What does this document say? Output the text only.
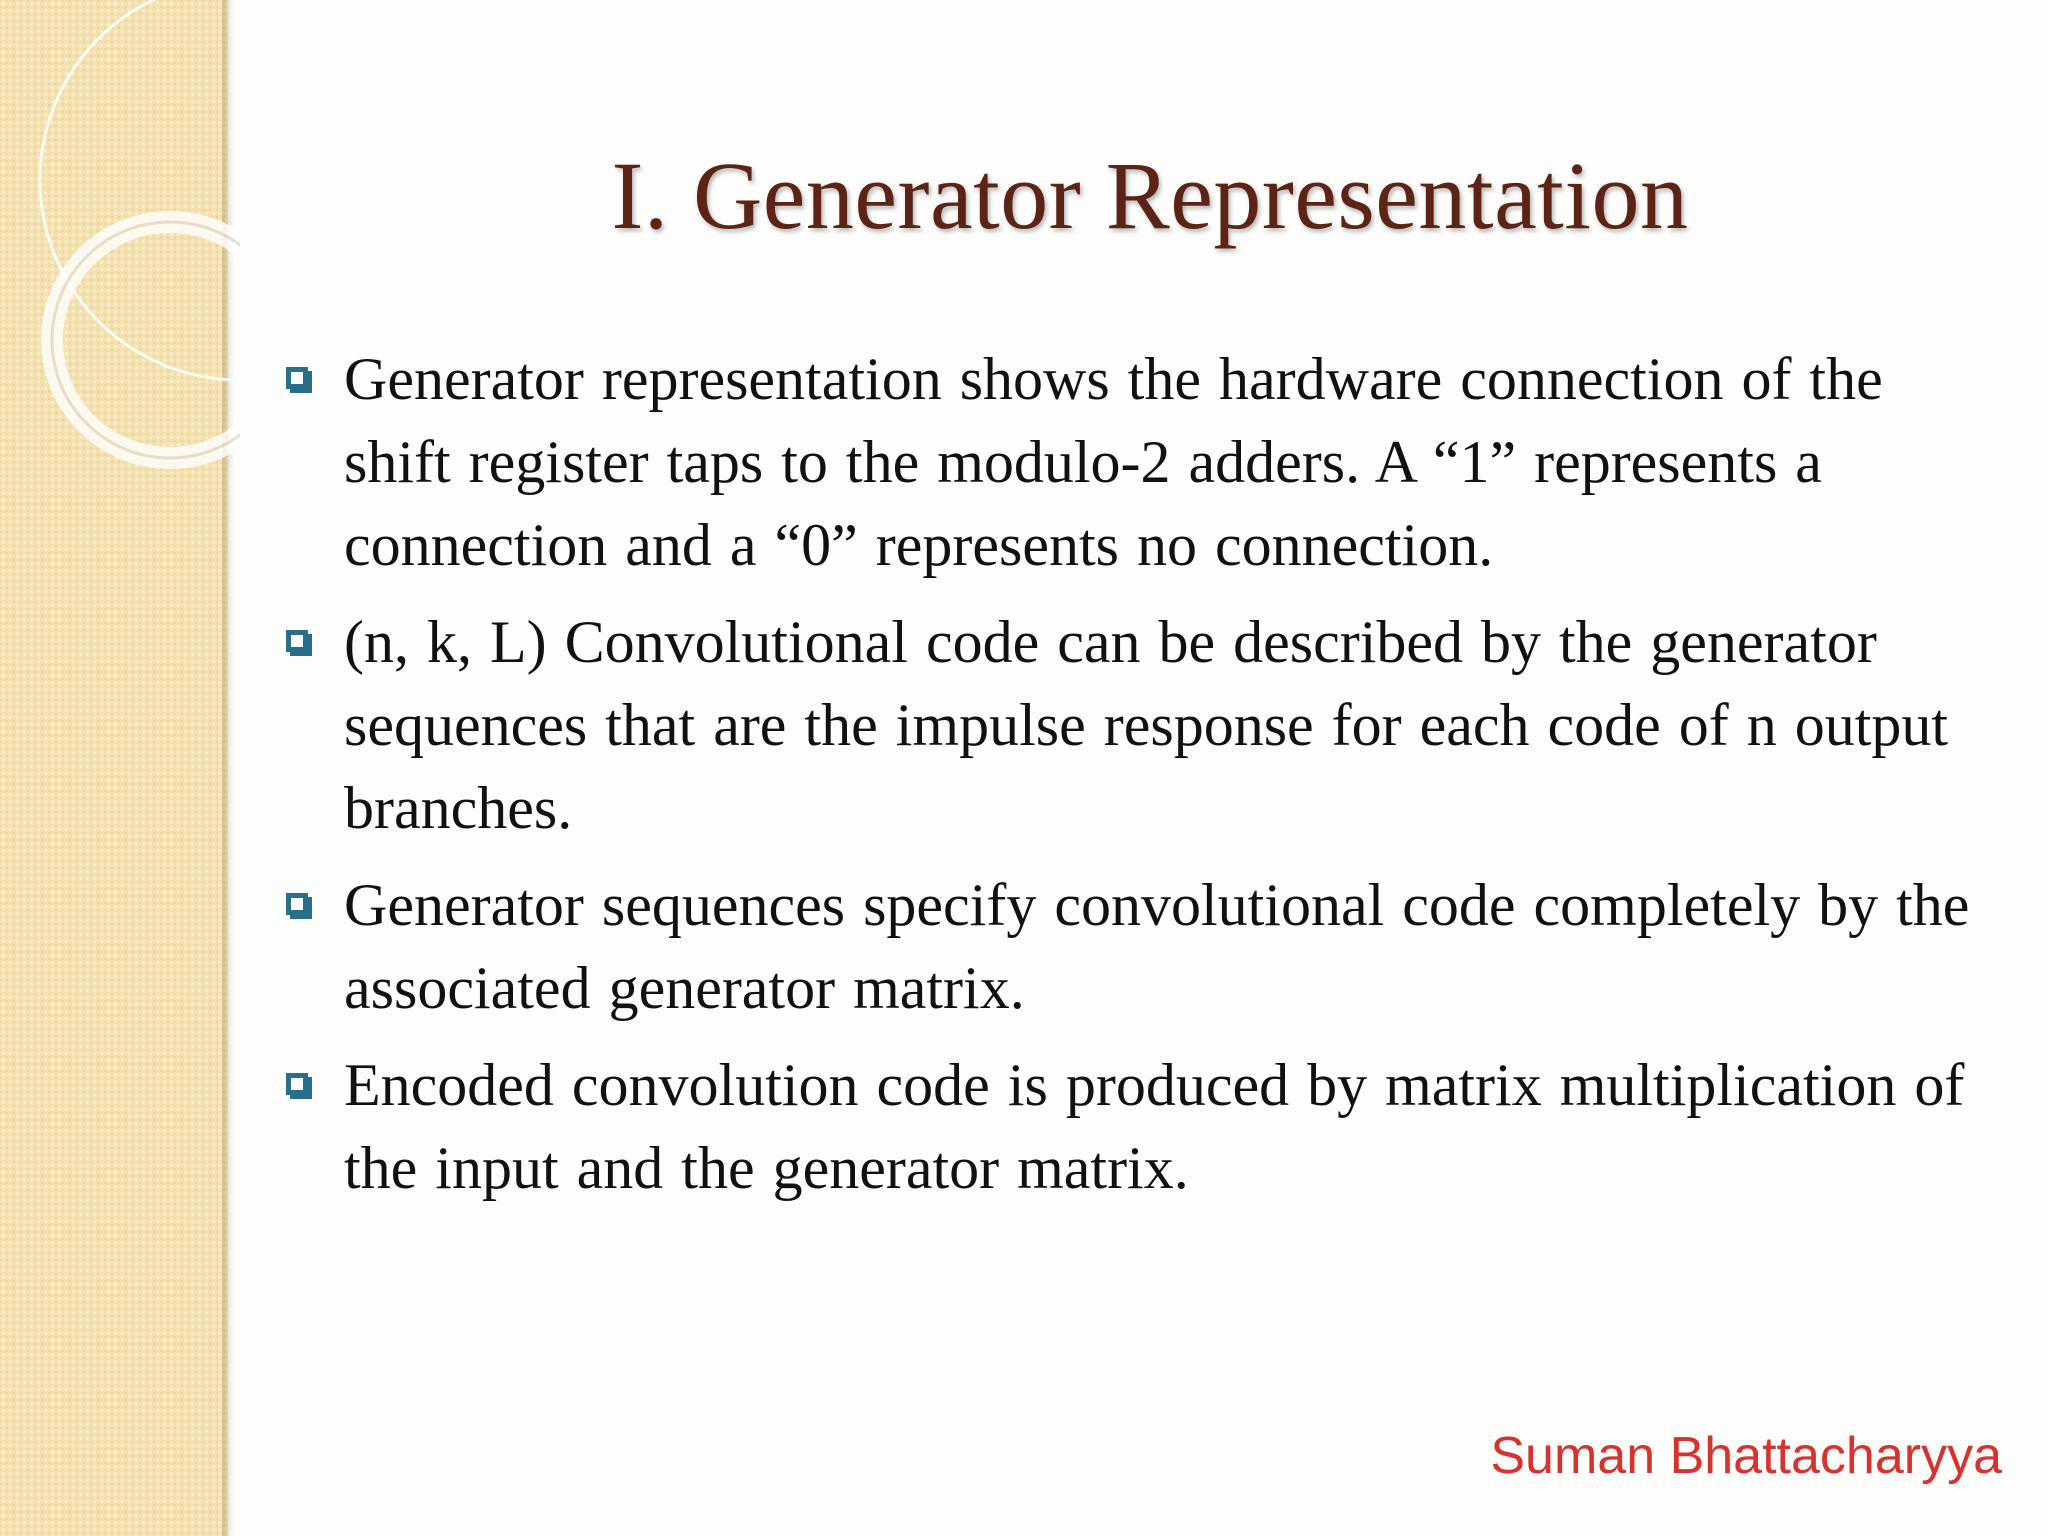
I. Generator Representation
Generator representation shows the hardware connection of the shift register taps to the modulo-2 adders. A “1” represents a connection and a “0” represents no connection.
(n, k, L) Convolutional code can be described by the generator sequences that are the impulse response for each code of n output branches.
Generator sequences specify convolutional code completely by the associated generator matrix.
Encoded convolution code is produced by matrix multiplication of the input and the generator matrix.

Suman Bhattacharyya
